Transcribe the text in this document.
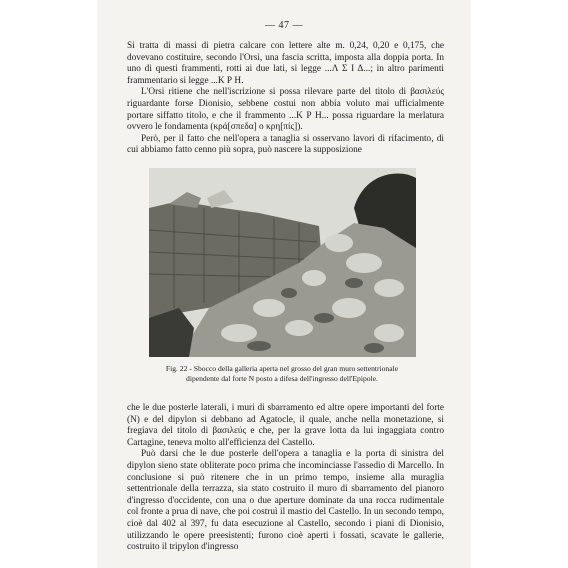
— 47 —

Si tratta di massi di pietra calcare con lettere alte m. 0,24, 0,20 e 0,175, che dovevano costituire, secondo l'Orsi, una fascia scritta, imposta alla doppia porta. In uno di questi frammenti, rotti ai due lati, si legge ...Λ Σ Ι Δ...; in altro parimenti frammentario si legge ...Κ Ρ Η.

L'Orsi ritiene che nell'iscrizione si possa rilevare parte del titolo di βασιλεύς riguardante forse Dionisio, sebbene costui non abbia voluto mai ufficialmente portare siffatto titolo, e che il frammento ...Κ Ρ Η... possa riguardare la merlatura ovvero le fondamenta (κρά[σπεδα] o κρη[πίς]).

Però, per il fatto che nell'opera a tanaglia si osservano lavori di rifacimento, di cui abbiamo fatto cenno più sopra, può nascere la supposizione

Fig. 22 - Sbocco della galleria aperta nel grosso del gran muro settentrionale dipendente dal forte N posto a difesa dell'ingresso dell'Epipole.

che le due posterle laterali, i muri di sbarramento ed altre opere importanti del forte (N) e del dipylon si debbano ad Agatocle, il quale, anche nella monetazione, si fregiava del titolo di βασιλεύς e che, per la grave lotta da lui ingaggiata contro Cartagine, teneva molto all'efficienza del Castello.

Può darsi che le due posterle dell'opera a tanaglia e la porta di sinistra del dipylon sieno state obliterate poco prima che incominciasse l'assedio di Marcello. In conclusione si può ritenere che in un primo tempo, insieme alla muraglia settentrionale della terrazza, sia stato costruito il muro di sbarramento del pianoro d'ingresso d'occidente, con una o due aperture dominate da una rocca rudimentale col fronte a prua di nave, che poi costruì il mastio del Castello. In un secondo tempo, cioè dal 402 al 397, fu data esecuzione al Castello, secondo i piani di Dionisio, utilizzando le opere preesistenti; furono cioè aperti i fossati, scavate le gallerie, costruito il tripylon d'ingresso
